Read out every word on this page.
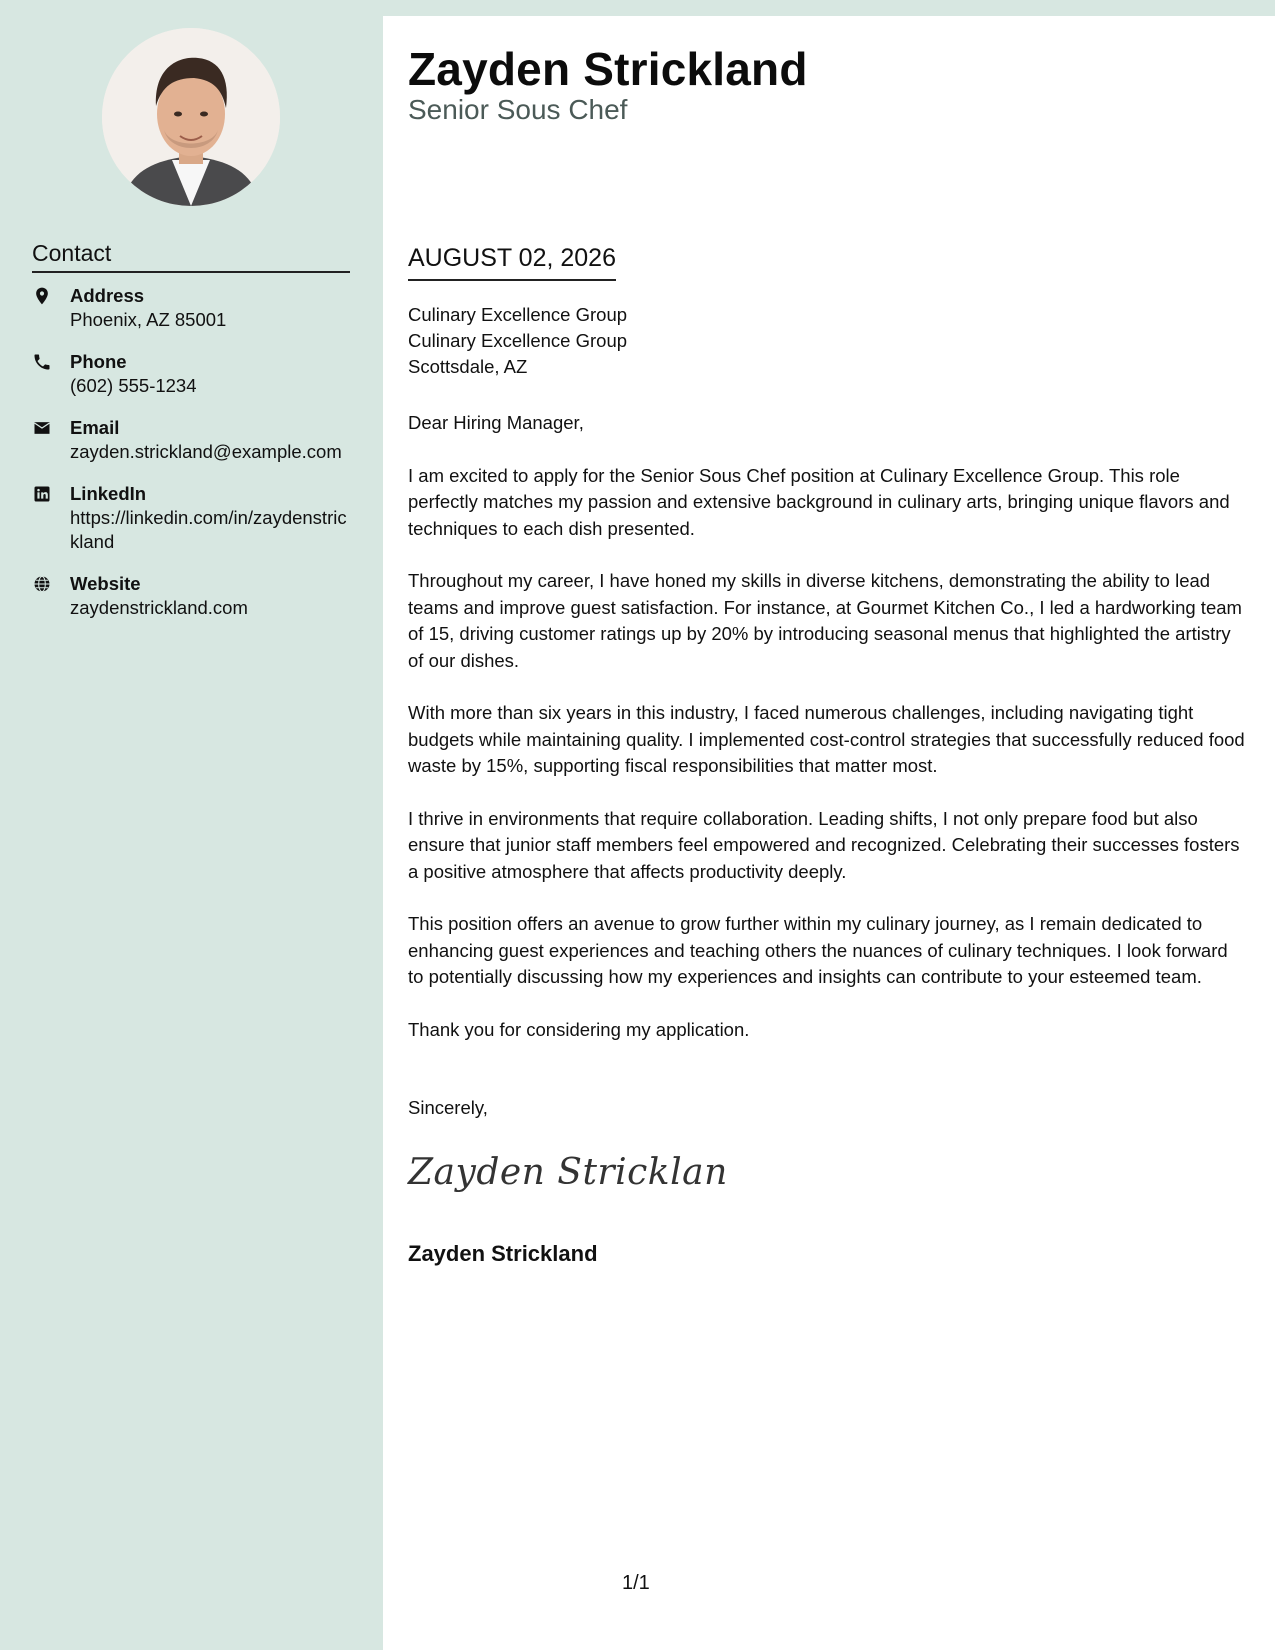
Contact
Address
Phoenix, AZ 85001
Phone
(602) 555-1234
Email
zayden.strickland@example.com
LinkedIn
https://linkedin.com/in/zaydenstrickland
Website
zaydenstrickland.com
Zayden Strickland
Senior Sous Chef
AUGUST 02, 2026
Culinary Excellence Group
Culinary Excellence Group
Scottsdale, AZ

Dear Hiring Manager,

I am excited to apply for the Senior Sous Chef position at Culinary Excellence Group. This role perfectly matches my passion and extensive background in culinary arts, bringing unique flavors and techniques to each dish presented.

Throughout my career, I have honed my skills in diverse kitchens, demonstrating the ability to lead teams and improve guest satisfaction. For instance, at Gourmet Kitchen Co., I led a hardworking team of 15, driving customer ratings up by 20% by introducing seasonal menus that highlighted the artistry of our dishes.

With more than six years in this industry, I faced numerous challenges, including navigating tight budgets while maintaining quality. I implemented cost-control strategies that successfully reduced food waste by 15%, supporting fiscal responsibilities that matter most.

I thrive in environments that require collaboration. Leading shifts, I not only prepare food but also ensure that junior staff members feel empowered and recognized. Celebrating their successes fosters a positive atmosphere that affects productivity deeply.

This position offers an avenue to grow further within my culinary journey, as I remain dedicated to enhancing guest experiences and teaching others the nuances of culinary techniques. I look forward to potentially discussing how my experiences and insights can contribute to your esteemed team.

Thank you for considering my application.

Sincerely,
Zayden Stricklan
Zayden Strickland
1/1
